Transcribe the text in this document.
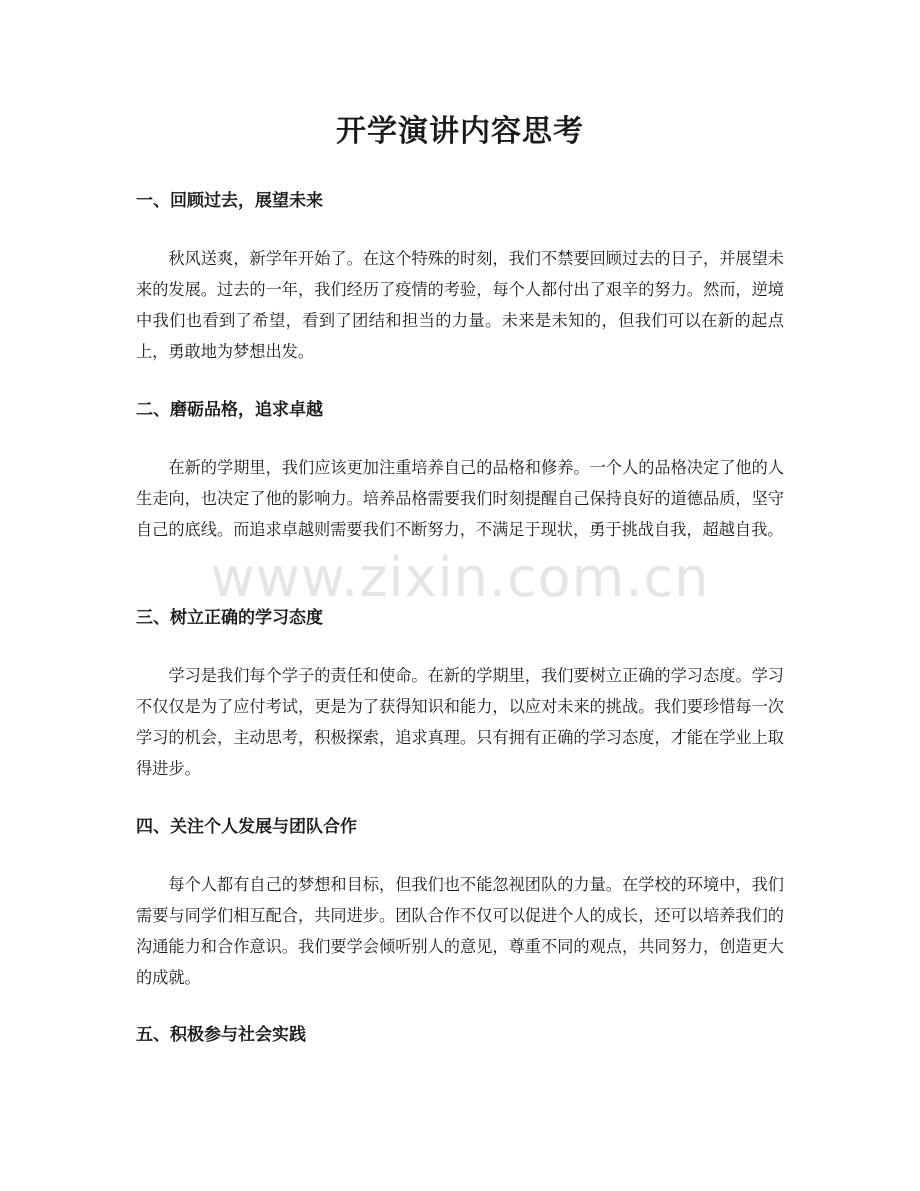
开学演讲内容思考
一、回顾过去，展望未来

秋风送爽，新学年开始了。在这个特殊的时刻，我们不禁要回顾过去的日子，并展望未来的发展。过去的一年，我们经历了疫情的考验，每个人都付出了艰辛的努力。然而，逆境中我们也看到了希望，看到了团结和担当的力量。未来是未知的，但我们可以在新的起点上，勇敢地为梦想出发。

二、磨砺品格，追求卓越

在新的学期里，我们应该更加注重培养自己的品格和修养。一个人的品格决定了他的人生走向，也决定了他的影响力。培养品格需要我们时刻提醒自己保持良好的道德品质，坚守自己的底线。而追求卓越则需要我们不断努力，不满足于现状，勇于挑战自我，超越自我。

三、树立正确的学习态度

学习是我们每个学子的责任和使命。在新的学期里，我们要树立正确的学习态度。学习不仅仅是为了应付考试，更是为了获得知识和能力，以应对未来的挑战。我们要珍惜每一次学习的机会，主动思考，积极探索，追求真理。只有拥有正确的学习态度，才能在学业上取得进步。

四、关注个人发展与团队合作

每个人都有自己的梦想和目标，但我们也不能忽视团队的力量。在学校的环境中，我们需要与同学们相互配合，共同进步。团队合作不仅可以促进个人的成长，还可以培养我们的沟通能力和合作意识。我们要学会倾听别人的意见，尊重不同的观点，共同努力，创造更大的成就。

五、积极参与社会实践
www.zixin.com.cn
